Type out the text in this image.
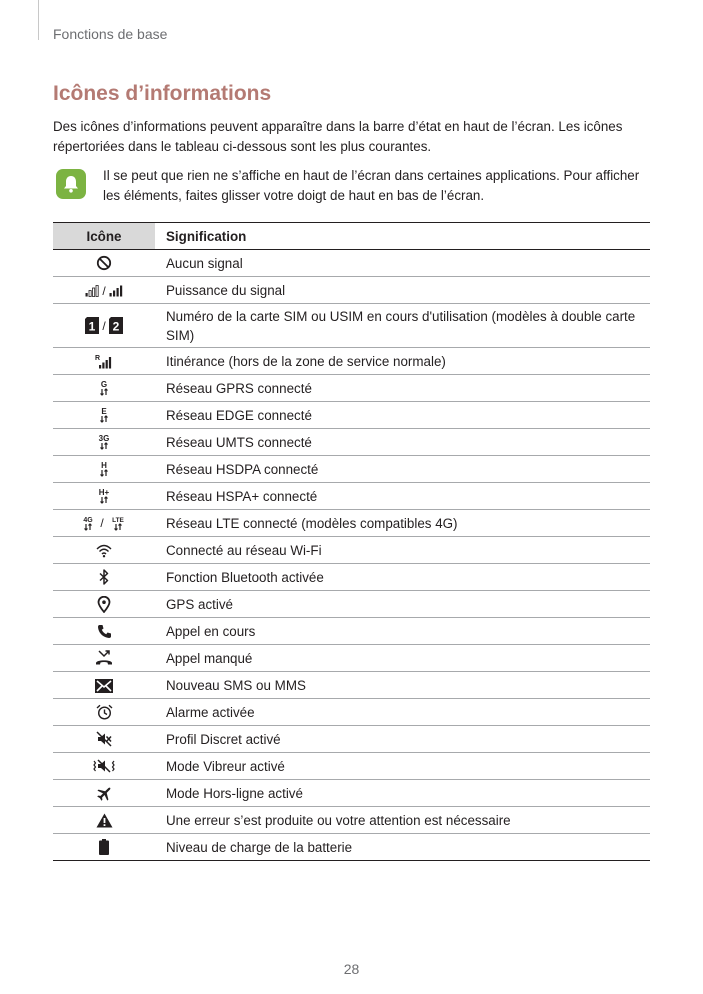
Fonctions de base
Icônes d’informations
Des icônes d’informations peuvent apparaître dans la barre d’état en haut de l’écran. Les icônes répertoriées dans le tableau ci-dessous sont les plus courantes.
Il se peut que rien ne s’affiche en haut de l’écran dans certaines applications. Pour afficher les éléments, faites glisser votre doigt de haut en bas de l’écran.
Icône	Signification
	Aucun signal
/	Puissance du signal

1 / 2	Numéro de la carte SIM ou USIM en cours d'utilisation (modèles à double carte SIM)

R	Itinérance (hors de la zone de service normale)

G	Réseau GPRS connecté

E	Réseau EDGE connecté

3G	Réseau UMTS connecté

H	Réseau HSDPA connecté

H+	Réseau HSPA+ connecté

4G / LTE	Réseau LTE connecté (modèles compatibles 4G)
	Connecté au réseau Wi-Fi
	Fonction Bluetooth activée
	GPS activé
	Appel en cours
	Appel manqué
	Nouveau SMS ou MMS
	Alarme activée
	Profil Discret activé
	Mode Vibreur activé
	Mode Hors-ligne activé
	Une erreur s’est produite ou votre attention est nécessaire
	Niveau de charge de la batterie
28
